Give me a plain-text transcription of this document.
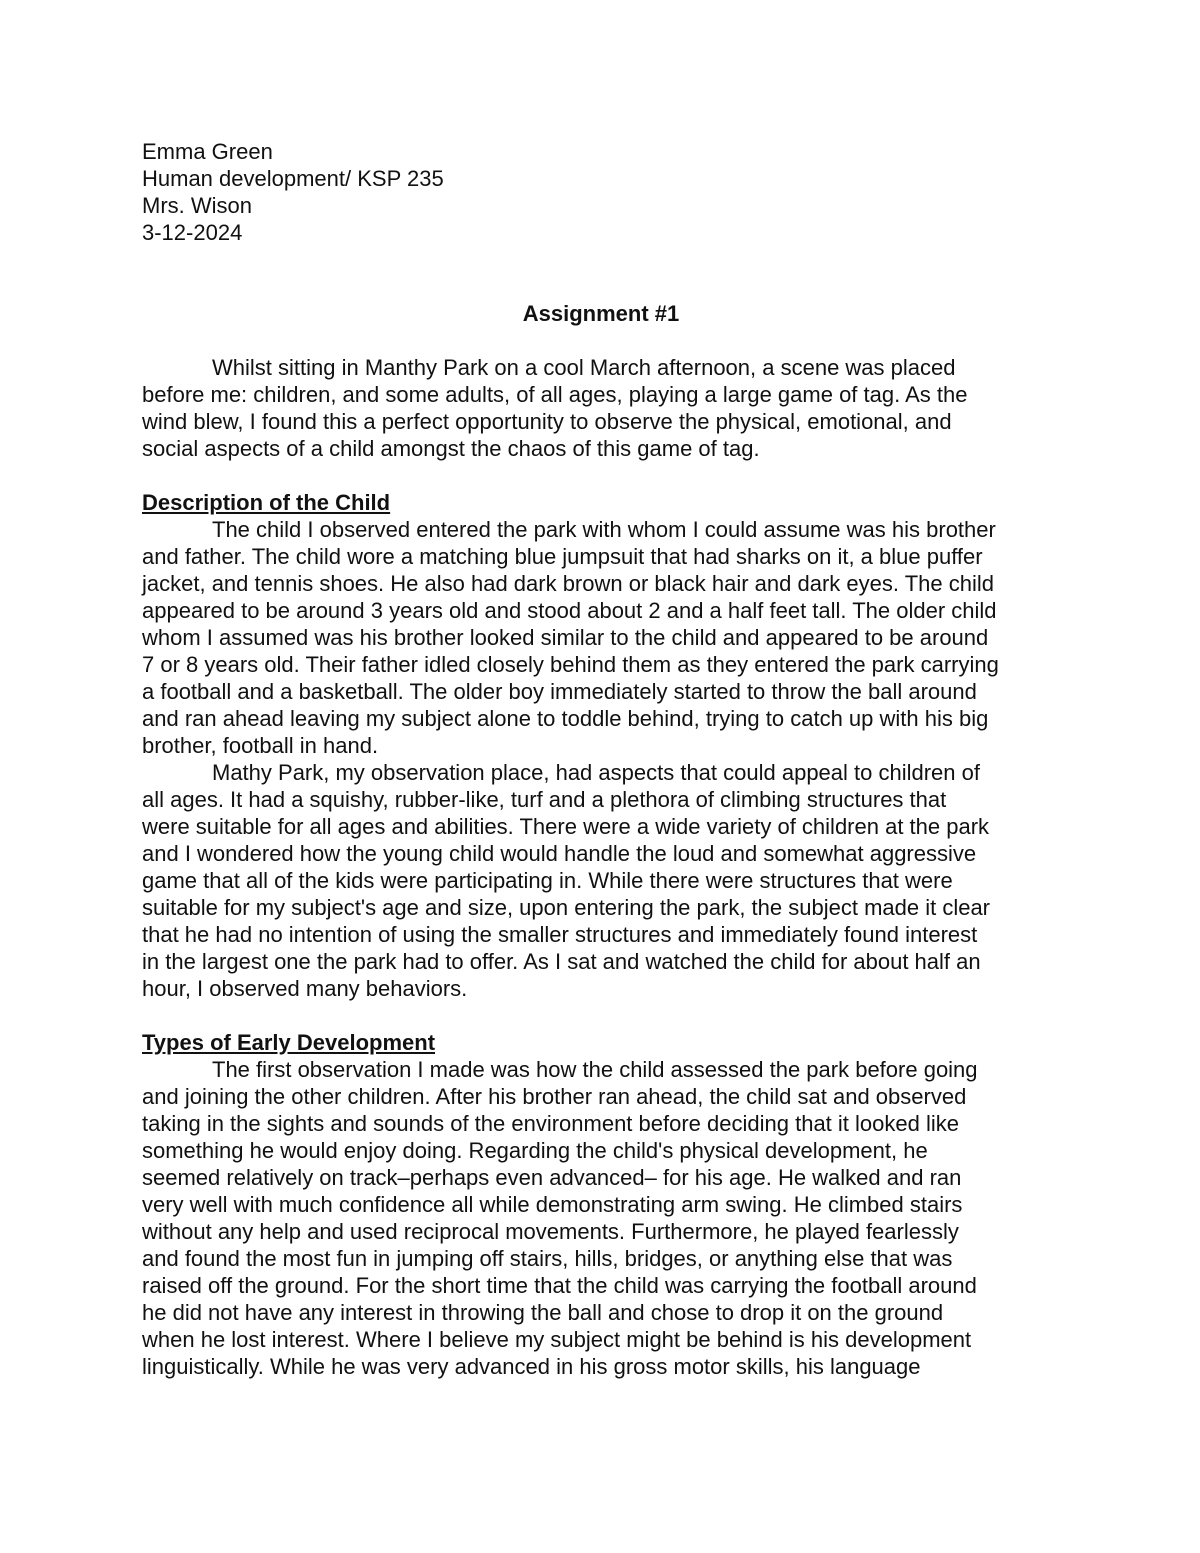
Emma Green
Human development/ KSP 235
Mrs. Wison
3-12-2024
Assignment #1
Whilst sitting in Manthy Park on a cool March afternoon, a scene was placed
before me: children, and some adults, of all ages, playing a large game of tag. As the
wind blew, I found this a perfect opportunity to observe the physical, emotional, and
social aspects of a child amongst the chaos of this game of tag.
Description of the Child
The child I observed entered the park with whom I could assume was his brother
and father. The child wore a matching blue jumpsuit that had sharks on it, a blue puffer
jacket, and tennis shoes. He also had dark brown or black hair and dark eyes. The child
appeared to be around 3 years old and stood about 2 and a half feet tall. The older child
whom I assumed was his brother looked similar to the child and appeared to be around
7 or 8 years old. Their father idled closely behind them as they entered the park carrying
a football and a basketball. The older boy immediately started to throw the ball around
and ran ahead leaving my subject alone to toddle behind, trying to catch up with his big
brother, football in hand.
Mathy Park, my observation place, had aspects that could appeal to children of
all ages. It had a squishy, rubber-like, turf and a plethora of climbing structures that
were suitable for all ages and abilities. There were a wide variety of children at the park
and I wondered how the young child would handle the loud and somewhat aggressive
game that all of the kids were participating in. While there were structures that were
suitable for my subject's age and size, upon entering the park, the subject made it clear
that he had no intention of using the smaller structures and immediately found interest
in the largest one the park had to offer. As I sat and watched the child for about half an
hour, I observed many behaviors.
Types of Early Development
The first observation I made was how the child assessed the park before going
and joining the other children. After his brother ran ahead, the child sat and observed
taking in the sights and sounds of the environment before deciding that it looked like
something he would enjoy doing. Regarding the child's physical development, he
seemed relatively on track–perhaps even advanced– for his age. He walked and ran
very well with much confidence all while demonstrating arm swing. He climbed stairs
without any help and used reciprocal movements. Furthermore, he played fearlessly
and found the most fun in jumping off stairs, hills, bridges, or anything else that was
raised off the ground. For the short time that the child was carrying the football around
he did not have any interest in throwing the ball and chose to drop it on the ground
when he lost interest. Where I believe my subject might be behind is his development
linguistically. While he was very advanced in his gross motor skills, his language
